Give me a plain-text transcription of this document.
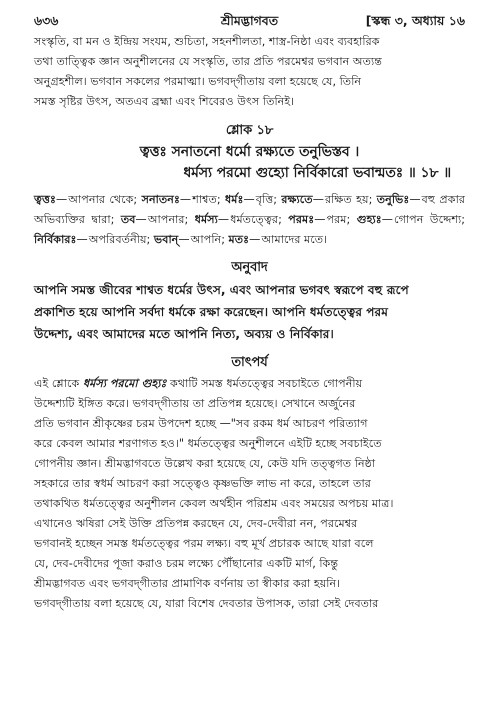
৬৩৬	শ্রীমদ্ভাগবত	[স্কন্ধ ৩, অধ্যায় ১৬

সংস্কৃতি, বা মন ও ইন্দ্রিয় সংযম, শুচিতা, সহনশীলতা, শাস্ত্র-নিষ্ঠা এবং ব্যবহারিক

তথা তাত্ত্বিক জ্ঞান অনুশীলনের যে সংস্কৃতি, তার প্রতি পরমেশ্বর ভগবান অত্যন্ত

অনুগ্রহশীল। ভগবান সকলের পরমাত্মা। ভগবদ্‌গীতায় বলা হয়েছে যে, তিনি

সমস্ত সৃষ্টির উৎস, অতএব ব্রহ্মা এবং শিবেরও উৎস তিনিই।

শ্লোক ১৮

ত্বত্তঃ সনাতনো ধর্মো রক্ষ্যতে তনুভিস্তব ।

ধর্মস্য পরমো গুহ্যো নির্বিকারো ভবান্মতঃ ॥ ১৮ ॥

ত্বত্তঃ— আপনার থেকে; সনাতনঃ— শাশ্বত; ধর্মঃ— বৃত্তি; রক্ষ্যতে— রক্ষিত হয়; তনুভিঃ— বহু প্রকার অভিব্যক্তির দ্বারা; তব— আপনার; ধর্মস্য— ধর্মতত্ত্বের; পরমঃ— পরম; গুহ্যঃ— গোপন উদ্দেশ্য; নির্বিকারঃ— অপরিবর্তনীয়; ভবান্— আপনি; মতঃ— আমাদের মতে।
অনুবাদ

আপনি সমস্ত জীবের শাশ্বত ধর্মের উৎস, এবং আপনার ভগবৎ স্বরূপে বহু রূপে

প্রকাশিত হয়ে আপনি সর্বদা ধর্মকে রক্ষা করেছেন। আপনি ধর্মতত্ত্বের পরম

উদ্দেশ্য, এবং আমাদের মতে আপনি নিত্য, অব্যয় ও নির্বিকার।

তাৎপর্য

এই শ্লোকে ধর্মস্য পরমো গুহ্যঃ কথাটি সমস্ত ধর্মতত্ত্বের সবচাইতে গোপনীয়

উদ্দেশ্যটি ইঙ্গিত করে। ভগবদ্‌গীতায় তা প্রতিপন্ন হয়েছে। সেখানে অর্জুনের

প্রতি ভগবান শ্রীকৃষ্ণের চরম উপদেশ হচ্ছে —"সব রকম ধর্ম আচরণ পরিত্যাগ

করে কেবল আমার শরণাগত হও।" ধর্মতত্ত্বের অনুশীলনে এইটি হচ্ছে সবচাইতে

গোপনীয় জ্ঞান। শ্রীমদ্ভাগবতে উল্লেখ করা হয়েছে যে, কেউ যদি তত্ত্বগত নিষ্ঠা

সহকারে তার স্বধর্ম আচরণ করা সত্ত্বেও কৃষ্ণভক্তি লাভ না করে, তাহলে তার

তথাকথিত ধর্মতত্ত্বের অনুশীলন কেবল অর্থহীন পরিশ্রম এবং সময়ের অপচয় মাত্র।

এখানেও ঋষিরা সেই উক্তি প্রতিপন্ন করছেন যে, দেব-দেবীরা নন, পরমেশ্বর

ভগবানই হচ্ছেন সমস্ত ধর্মতত্ত্বের পরম লক্ষ্য। বহু মূর্খ প্রচারক আছে যারা বলে

যে, দেব-দেবীদের পূজা করাও চরম লক্ষ্যে পৌঁছানোর একটি মার্গ, কিন্তু

শ্রীমদ্ভাগবত এবং ভগবদ্‌গীতার প্রামাণিক বর্ণনায় তা স্বীকার করা হয়নি।

ভগবদ্‌গীতায় বলা হয়েছে যে, যারা বিশেষ দেবতার উপাসক, তারা সেই দেবতার
